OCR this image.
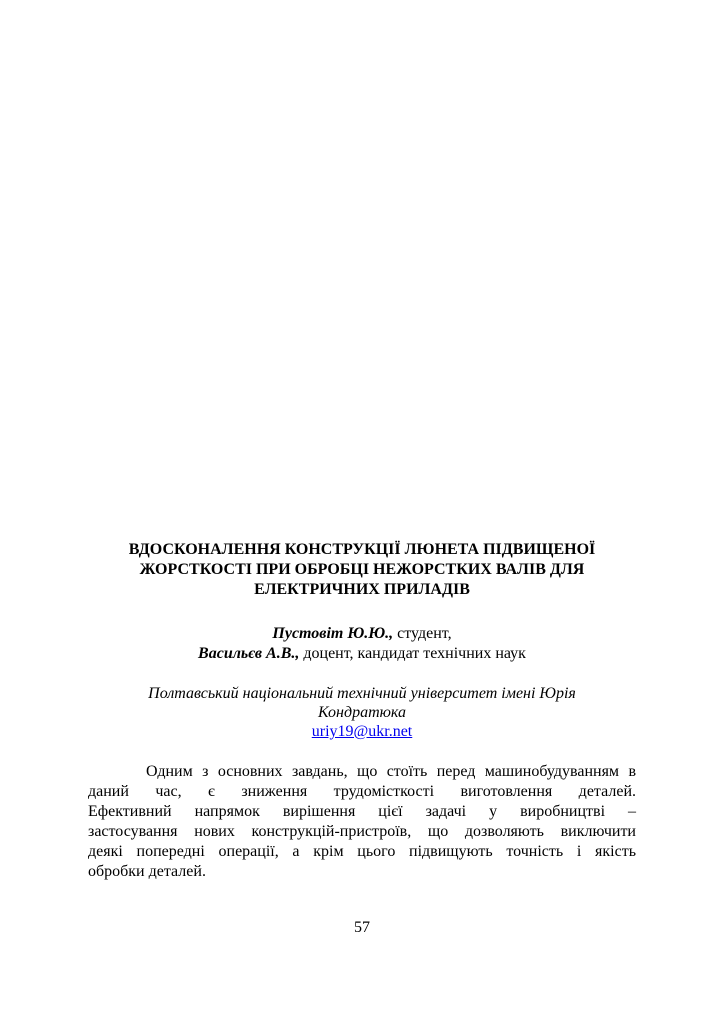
ВДОСКОНАЛЕННЯ КОНСТРУКЦІЇ ЛЮНЕТА ПІДВИЩЕНОЇ
ЖОРСТКОСТІ ПРИ ОБРОБЦІ НЕЖОРСТКИХ ВАЛІВ ДЛЯ
ЕЛЕКТРИЧНИХ ПРИЛАДІВ
Пустовіт Ю.Ю., студент,
Васильєв А.В., доцент, кандидат технічних наук
Полтавський національний технічний університет імені Юрія
Кондратюка
uriy19@ukr.net

Одним з основних завдань, що стоїть перед машинобудуванням в
даний час, є зниження трудомісткості виготовлення деталей.
Ефективний напрямок вирішення цієї задачі у виробництві –
застосування нових конструкцій-пристроїв, що дозволяють виключити
деякі попередні операції, а крім цього підвищують точність і якість
обробки деталей.

57
